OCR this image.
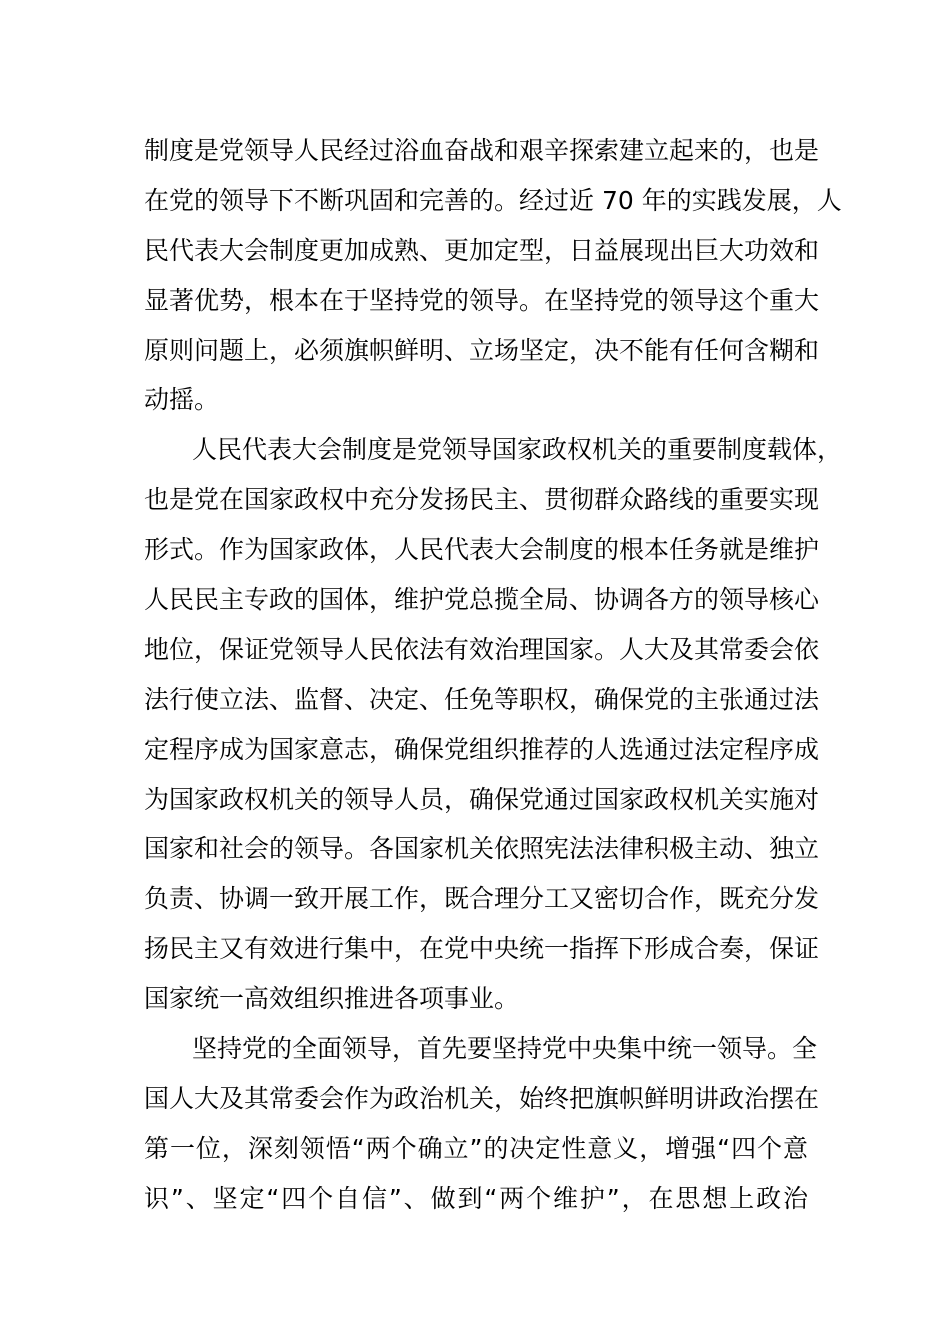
制度是党领导人民经过浴血奋战和艰辛探索建立起来的，也是
在党的领导下不断巩固和完善的。经过近 70 年的实践发展，人
民代表大会制度更加成熟、更加定型，日益展现出巨大功效和
显著优势，根本在于坚持党的领导。在坚持党的领导这个重大
原则问题上，必须旗帜鲜明、立场坚定，决不能有任何含糊和
动摇。
人民代表大会制度是党领导国家政权机关的重要制度载体，
也是党在国家政权中充分发扬民主、贯彻群众路线的重要实现
形式。作为国家政体，人民代表大会制度的根本任务就是维护
人民民主专政的国体，维护党总揽全局、协调各方的领导核心
地位，保证党领导人民依法有效治理国家。人大及其常委会依
法行使立法、监督、决定、任免等职权，确保党的主张通过法
定程序成为国家意志，确保党组织推荐的人选通过法定程序成
为国家政权机关的领导人员，确保党通过国家政权机关实施对
国家和社会的领导。各国家机关依照宪法法律积极主动、独立
负责、协调一致开展工作，既合理分工又密切合作，既充分发
扬民主又有效进行集中，在党中央统一指挥下形成合奏，保证
国家统一高效组织推进各项事业。
坚持党的全面领导，首先要坚持党中央集中统一领导。全
国人大及其常委会作为政治机关，始终把旗帜鲜明讲政治摆在
第一位，深刻领悟“两个确立”的决定性意义，增强“四个意
识”、坚定“四个自信”、做到“两个维护”，在思想上政治
